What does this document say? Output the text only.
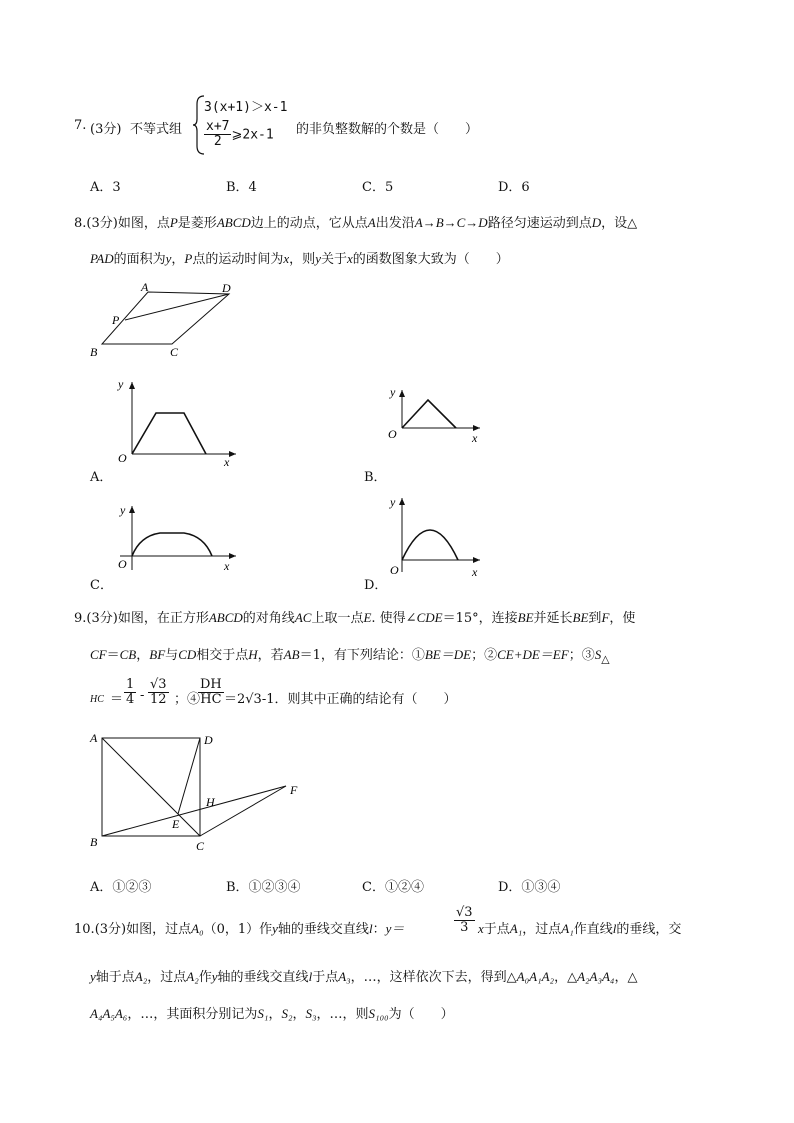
7. (3分) 不等式组
3(x+1)＞x-1
$\frac{x+7}{2}$ ⩾2x-1 的非负整数解的个数是（　　）
A．3	B．4	C．5	D．6
8.(3分)如图，点P是菱形ABCD边上的动点，它从点A出发沿A→B→C→D路径匀速运动到点D，设△
PAD的面积为y，P点的运动时间为x，则y关于x的函数图象大致为（　　）
A	D
P
B	C
y
x
O
A．
y
x
O
B．
y
x
O
C．
y
x
O
D．
9.(3分)如图，在正方形ABCD的对角线AC上取一点E. 使得∠CDE＝15°，连接BE并延长BE到F，使
CF＝CB，BF与CD相交于点H，若AB＝1，有下列结论：①BE＝DE；②CE+DE＝EF；$③S_\triangle$
HC ＝ $\frac{1}{4} - \frac{√3}{12}$ ；④
$\frac{DH}{HC} =2√3-1$．则其中正确的结论有（　　）
A	D
B	C
E
H
F
A．①②③	B．①②③④	C．①②④	D．①③④
10.(3分)如图，过点A₀（0，1）作y轴的垂线交直线l：y＝	$\frac{√3}{3}$ x于点A₁，过点A₁作直线l的垂线，交
y轴于点A₂，过点A₂作y轴的垂线交直线l于点A₃，…，这样依次下去，得到△A₀A₁A₂，△A₂A₃A₄，△
A₄A₅A₆，…，其面积分别记为S₁，S₂，S₃，…，则S₁₀₀为（　　）
